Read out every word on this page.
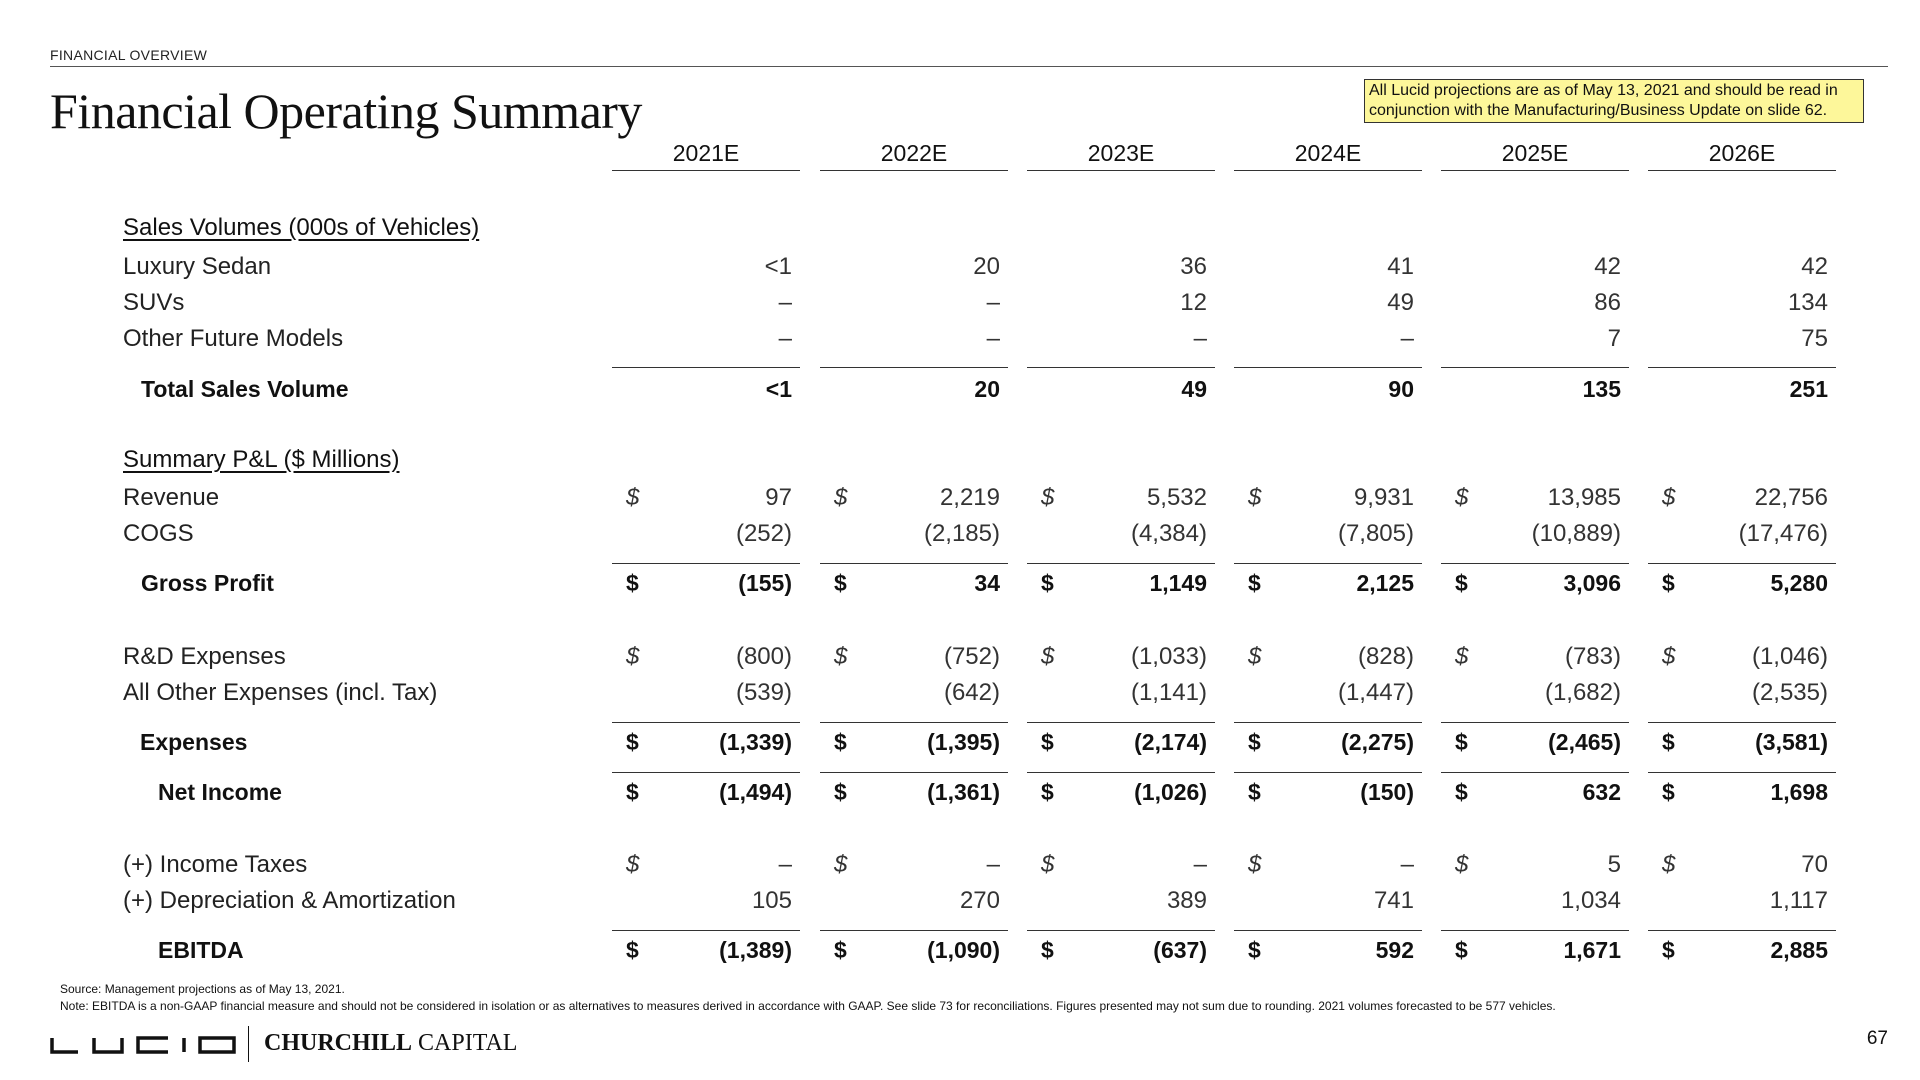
FINANCIAL OVERVIEW
Financial Operating Summary	All Lucid projections are as of May 13, 2021 and should be read in conjunction with the Manufacturing/Business Update on slide 62.
2021E	2022E	2023E	2024E	2025E	2026E
Sales Volumes (000s of Vehicles)
Summary P&L ($ Millions)
Luxury Sedan	<1	20	36	41	42	42
SUVs	–	–	12	49	86	134
Other Future Models	–	–	–	–	7	75
Total Sales Volume	<1	20	49	90	135	251
Revenue	$	97 $	2,219 $	5,532 $	9,931 $	13,985 $	22,756
COGS	(252)	(2,185)	(4,384)	(7,805)	(10,889)	(17,476)
Gross Profit	$	(155) $	34 $	1,149 $	2,125 $	3,096 $	5,280
R&D Expenses	$	(800) $	(752) $	(1,033) $	(828) $	(783) $	(1,046)
All Other Expenses (incl. Tax)	(539)	(642)	(1,141)	(1,447)	(1,682)	(2,535)
Expenses	$	(1,339) $	(1,395) $	(2,174) $	(2,275) $	(2,465) $	(3,581)
Net Income	$	(1,494) $	(1,361) $	(1,026) $	(150) $	632 $	1,698
(+) Income Taxes	$	– $	– $	– $	– $	5 $	70
(+) Depreciation & Amortization	105	270	389	741	1,034	1,117
EBITDA	$	(1,389) $	(1,090) $	(637) $	592 $	1,671 $	2,885
Source: Management projections as of May 13, 2021.
Note: EBITDA is a non-GAAP financial measure and should not be considered in isolation or as alternatives to measures derived in accordance with GAAP. See slide 73 for reconciliations. Figures presented may not sum due to rounding. 2021 volumes forecasted to be 577 vehicles.
CHURCHILL CAPITAL	67
